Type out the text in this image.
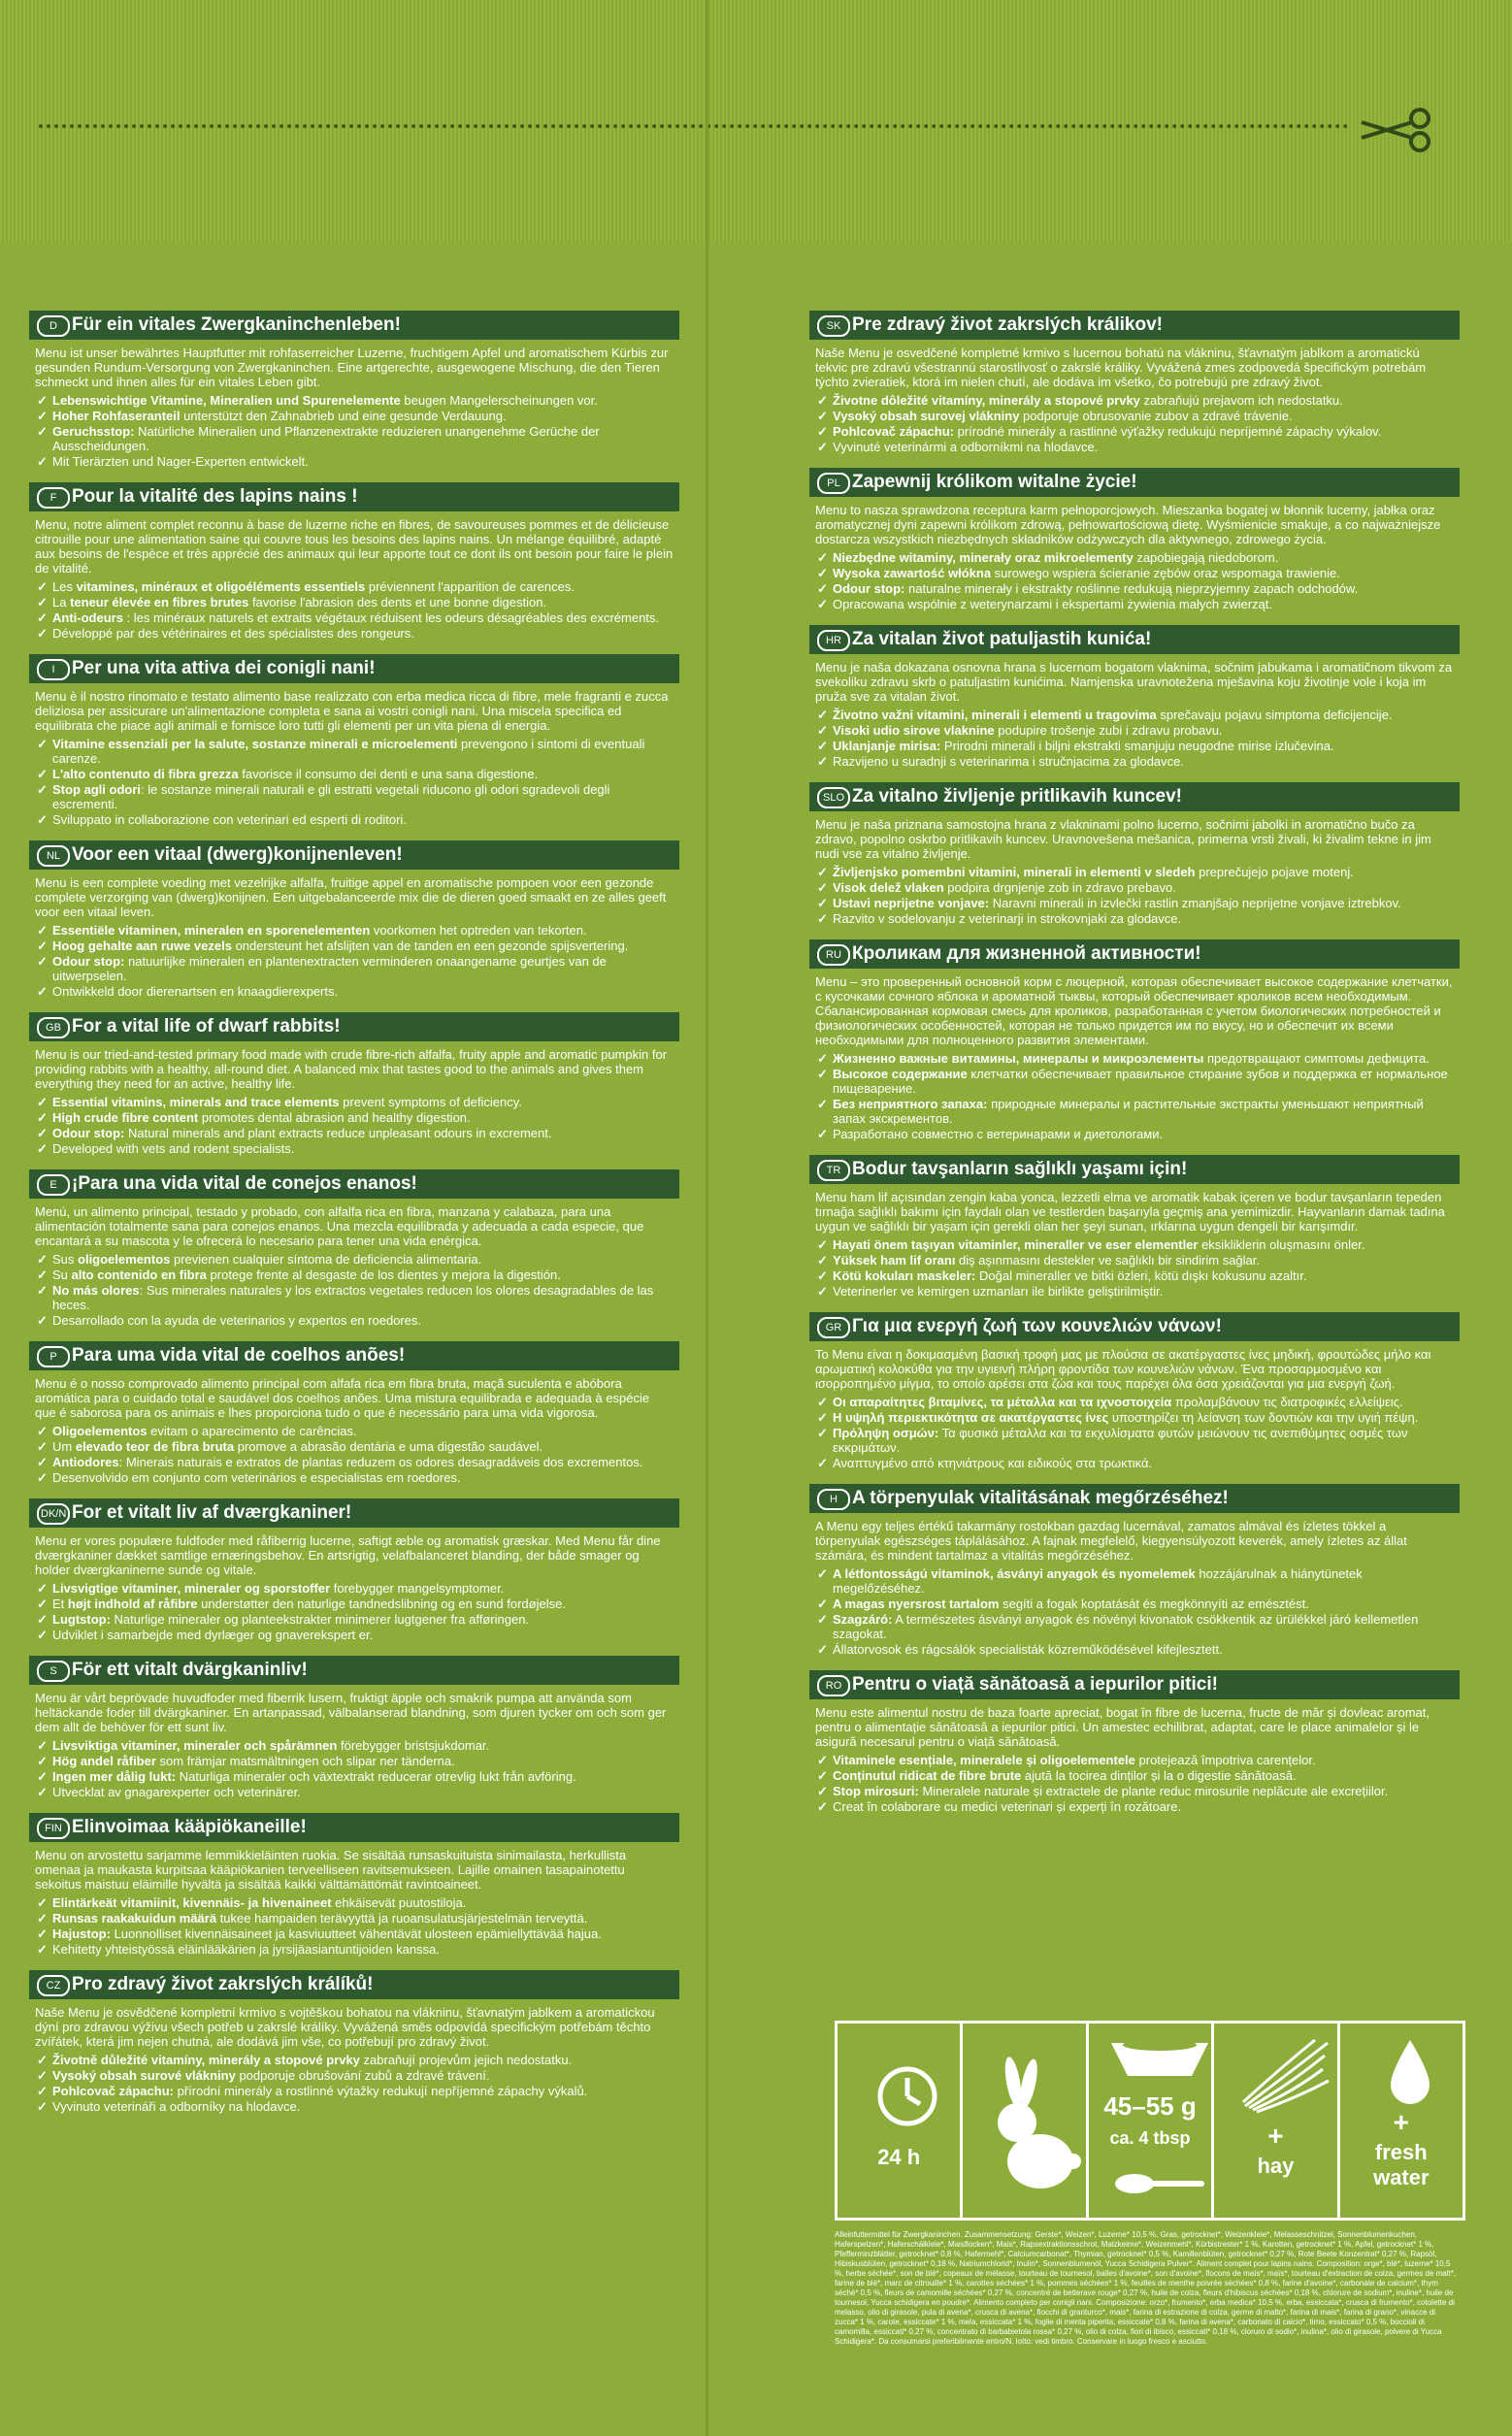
D Für ein vitales Zwergkaninchenleben!

Menu ist unser bewährtes Hauptfutter mit rohfaserreicher Luzerne, fruchtigem Apfel und aromatischem Kürbis zur gesunden Rundum-Versorgung von Zwergkaninchen. Eine artgerechte, ausgewogene Mischung, die den Tieren schmeckt und ihnen alles für ein vitales Leben gibt.

✓ Lebenswichtige Vitamine, Mineralien und Spurenelemente beugen Mangelerscheinungen vor.
✓ Hoher Rohfaseranteil unterstützt den Zahnabrieb und eine gesunde Verdauung.
✓ Geruchsstop: Natürliche Mineralien und Pflanzenextrakte reduzieren unangenehme Gerüche der Ausscheidungen.
✓ Mit Tierärzten und Nager-Experten entwickelt.
F Pour la vitalité des lapins nains !

Menu, notre aliment complet reconnu à base de luzerne riche en fibres, de savoureuses pommes et de délicieuse citrouille pour une alimentation saine qui couvre tous les besoins des lapins nains. Un mélange équilibré, adapté aux besoins de l'espèce et très apprécié des animaux qui leur apporte tout ce dont ils ont besoin pour faire le plein de vitalité.

✓ Les vitamines, minéraux et oligoéléments essentiels préviennent l'apparition de carences.
✓ La teneur élevée en fibres brutes favorise l'abrasion des dents et une bonne digestion.
✓ Anti-odeurs : les minéraux naturels et extraits végétaux réduisent les odeurs désagréables des excréments.
✓ Développé par des vétérinaires et des spécialistes des rongeurs.
I Per una vita attiva dei conigli nani!

Menu è il nostro rinomato e testato alimento base realizzato con erba medica ricca di fibre, mele fragranti e zucca deliziosa per assicurare un'alimentazione completa e sana ai vostri conigli nani. Una miscela specifica ed equilibrata che piace agli animali e fornisce loro tutti gli elementi per un vita piena di energia.

✓ Vitamine essenziali per la salute, sostanze minerali e microelementi prevengono i sintomi di eventuali carenze.
✓ L'alto contenuto di fibra grezza favorisce il consumo dei denti e una sana digestione.
✓ Stop agli odori: le sostanze minerali naturali e gli estratti vegetali riducono gli odori sgradevoli degli escrementi.
✓ Sviluppato in collaborazione con veterinari ed esperti di roditori.
NL Voor een vitaal (dwerg)konijnenleven!

Menu is een complete voeding met vezelrijke alfalfa, fruitige appel en aromatische pompoen voor een gezonde complete verzorging van (dwerg)konijnen. Een uitgebalanceerde mix die de dieren goed smaakt en ze alles geeft voor een vitaal leven.

✓ Essentiële vitaminen, mineralen en sporenelementen voorkomen het optreden van tekorten.
✓ Hoog gehalte aan ruwe vezels ondersteunt het afslijten van de tanden en een gezonde spijsvertering.
✓ Odour stop: natuurlijke mineralen en plantenextracten verminderen onaangename geurtjes van de uitwerpselen.
✓ Ontwikkeld door dierenartsen en knaagdierexperts.
GB For a vital life of dwarf rabbits!

Menu is our tried-and-tested primary food made with crude fibre-rich alfalfa, fruity apple and aromatic pumpkin for providing rabbits with a healthy, all-round diet. A balanced mix that tastes good to the animals and gives them everything they need for an active, healthy life.

✓ Essential vitamins, minerals and trace elements prevent symptoms of deficiency.
✓ High crude fibre content promotes dental abrasion and healthy digestion.
✓ Odour stop: Natural minerals and plant extracts reduce unpleasant odours in excrement.
✓ Developed with vets and rodent specialists.
E ¡Para una vida vital de conejos enanos!

Menú, un alimento principal, testado y probado, con alfalfa rica en fibra, manzana y calabaza, para una alimentación totalmente sana para conejos enanos. Una mezcla equilibrada y adecuada a cada especie, que encantará a su mascota y le ofrecerá lo necesario para tener una vida enérgica.

✓ Sus oligoelementos previenen cualquier síntoma de deficiencia alimentaria.
✓ Su alto contenido en fibra protege frente al desgaste de los dientes y mejora la digestión.
✓ No más olores: Sus minerales naturales y los extractos vegetales reducen los olores desagradables de las heces.
✓ Desarrollado con la ayuda de veterinarios y expertos en roedores.
P Para uma vida vital de coelhos anões!

Menu é o nosso comprovado alimento principal com alfafa rica em fibra bruta, maçã suculenta e abóbora aromática para o cuidado total e saudável dos coelhos anões. Uma mistura equilibrada e adequada à espécie que é saborosa para os animais e lhes proporciona tudo o que é necessário para uma vida vigorosa.

✓ Oligoelementos evitam o aparecimento de carências.
✓ Um elevado teor de fibra bruta promove a abrasão dentária e uma digestão saudável.
✓ Antiodores: Minerais naturais e extratos de plantas reduzem os odores desagradáveis dos excrementos.
✓ Desenvolvido em conjunto com veterinários e especialistas em roedores.
DK/N For et vitalt liv af dværgkaniner!

Menu er vores populære fuldfoder med råfiberrig lucerne, saftigt æble og aromatisk græskar. Med Menu får dine dværgkaniner dækket samtlige ernæringsbehov. En artsrigtig, velafbalanceret blanding, der både smager og holder dværgkaninerne sunde og vitale.

✓ Livsvigtige vitaminer, mineraler og sporstoffer forebygger mangelsymptomer.
✓ Et højt indhold af råfibre understøtter den naturlige tandnedslibning og en sund fordøjelse.
✓ Lugtstop: Naturlige mineraler og planteekstrakter minimerer lugtgener fra afføringen.
✓ Udviklet i samarbejde med dyrlæger og gnaverekspert er.
S För ett vitalt dvärgkaninliv!

Menu är vårt beprövade huvudfoder med fiberrik lusern, fruktigt äpple och smakrik pumpa att använda som heltäckande foder till dvärgkaniner. En artanpassad, välbalanserad blandning, som djuren tycker om och som ger dem allt de behöver för ett sunt liv.

✓ Livsviktiga vitaminer, mineraler och spårämnen förebygger bristsjukdomar.
✓ Hög andel råfiber som främjar matsmältningen och slipar ner tänderna.
✓ Ingen mer dålig lukt: Naturliga mineraler och växtextrakt reducerar otrevlig lukt från avföring.
✓ Utvecklat av gnagarexperter och veterinärer.
FIN Elinvoimaa kääpiökaneille!

Menu on arvostettu sarjamme lemmikkieläinten ruokia. Se sisältää runsaskuituista sinimailasta, herkullista omenaa ja maukasta kurpitsaa kääpiökanien terveelliseen ravitsemukseen. Lajille omainen tasapainotettu sekoitus maistuu eläimille hyvältä ja sisältää kaikki välttämättömät ravintoaineet.

✓ Elintärkeät vitamiinit, kivennäis- ja hivenaineet ehkäisevät puutostiloja.
✓ Runsas raakakuidun määrä tukee hampaiden terävyyttä ja ruoansulatusjärjestelmän terveyttä.
✓ Hajustop: Luonnolliset kivennäisaineet ja kasviuutteet vähentävät ulosteen epämiellyttävää hajua.
✓ Kehitetty yhteistyössä eläinlääkärien ja jyrsijäasiantuntijoiden kanssa.
CZ Pro zdravý život zakrslých králíků!

Naše Menu je osvědčené kompletní krmivo s vojtěškou bohatou na vlákninu, šťavnatým jablkem a aromatickou dýní pro zdravou výživu všech potřeb u zakrslé králíky. Vyvážená směs odpovídá specifickým potřebám těchto zvířátek, která jim nejen chutná, ale dodává jim vše, co potřebují pro zdravý život.

✓ Životně důležité vitamíny, minerály a stopové prvky zabraňují projevům jejich nedostatku.
✓ Vysoký obsah surové vlákniny podporuje obrušování zubů a zdravé trávení.
✓ Pohlcovač zápachu: přírodní minerály a rostlinné výtažky redukují nepříjemné zápachy výkalů.
✓ Vyvinuto veterináři a odborníky na hlodavce.
SK Pre zdravý život zakrslých králikov!

Naše Menu je osvedčené kompletné krmivo s lucernou bohatú na vlákninu, šťavnatým jablkom a aromatickú tekvic pre zdravú všestrannú starostlivosť o zakrslé králiky. Vyvážená zmes zodpovedá špecifickým potrebám týchto zvieratiek, ktorá im nielen chutí, ale dodáva im všetko, čo potrebujú pre zdravý život.

✓ Životne dôležité vitamíny, minerály a stopové prvky zabraňujú prejavom ich nedostatku.
✓ Vysoký obsah surovej vlákniny podporuje obrusovanie zubov a zdravé trávenie.
✓ Pohlcovač zápachu: prírodné minerály a rastlinné výťažky redukujú nepríjemné zápachy výkalov.
✓ Vyvinuté veterinármi a odborníkmi na hlodavce.
PL Zapewnij królikom witalne życie!

Menu to nasza sprawdzona receptura karm pełnoporcjowych. Mieszanka bogatej w błonnik lucerny, jabłka oraz aromatycznej dyni zapewni królikom zdrową, pełnowartościową dietę. Wyśmienicie smakuje, a co najważniejsze dostarcza wszystkich niezbędnych składników odżywczych dla aktywnego, zdrowego życia.

✓ Niezbędne witaminy, minerały oraz mikroelementy zapobiegają niedoborom.
✓ Wysoka zawartość włókna surowego wspiera ścieranie zębów oraz wspomaga trawienie.
✓ Odour stop: naturalne minerały i ekstrakty roślinne redukują nieprzyjemny zapach odchodów.
✓ Opracowana wspólnie z weterynarzami i ekspertami żywienia małych zwierząt.
HR Za vitalan život patuljastih kunića!

Menu je naša dokazana osnovna hrana s lucernom bogatom vlaknima, sočnim jabukama i aromatičnom tikvom za svekoliku zdravu skrb o patuljastim kunićima. Namjenska uravnotežena mješavina koju životinje vole i koja im pruža sve za vitalan život.

✓ Životno važni vitamini, minerali i elementi u tragovima sprečavaju pojavu simptoma deficijencije.
✓ Visoki udio sirove vlaknine podupire trošenje zubi i zdravu probavu.
✓ Uklanjanje mirisa: Prirodni minerali i biljni ekstrakti smanjuju neugodne mirise izlučevina.
✓ Razvijeno u suradnji s veterinarima i stručnjacima za glodavce.
SLO Za vitalno življenje pritlikavih kuncev!

Menu je naša priznana samostojna hrana z vlakninami polno lucerno, sočnimi jabolki in aromatično bučo za zdravo, popolno oskrbo pritlikavih kuncev. Uravnovešena mešanica, primerna vrsti živali, ki živalim tekne in jim nudi vse za vitalno življenje.

✓ Življenjsko pomembni vitamini, minerali in elementi v sledeh preprečujejo pojave motenj.
✓ Visok delež vlaken podpira drgnjenje zob in zdravo prebavo.
✓ Ustavi neprijetne vonjave: Naravni minerali in izvlečki rastlin zmanjšajo neprijetne vonjave iztrebkov.
✓ Razvito v sodelovanju z veterinarji in strokovnjaki za glodavce.
RU Кроликам для жизненной активности!

Menu – это проверенный основной корм с люцерной, которая обеспечивает высокое содержание клетчатки, с кусочками сочного яблока и ароматной тыквы, который обеспечивает кроликов всем необходимым. Сбалансированная кормовая смесь для кроликов, разработанная с учетом биологических потребностей и физиологических особенностей, которая не только придется им по вкусу, но и обеспечит их всеми необходимыми для полноценного развития элементами.

✓ Жизненно важные витамины, минералы и микроэлементы предотвращают симптомы дефицита.
✓ Высокое содержание клетчатки обеспечивает правильное стирание зубов и поддержка ет нормальное пищеварение.
✓ Без неприятного запаха: природные минералы и растительные экстракты уменьшают неприятный запах экскрементов.
✓ Разработано совместно с ветеринарами и диетологами.
TR Bodur tavşanların sağlıklı yaşamı için!

Menu ham lif açısından zengin kaba yonca, lezzetli elma ve aromatik kabak içeren ve bodur tavşanların tepeden tırnağa sağlıklı bakımı için faydalı olan ve testlerden başarıyla geçmiş ana yemimizdir. Hayvanların damak tadına uygun ve sağlıklı bir yaşam için gerekli olan her şeyi sunan, ırklarına uygun dengeli bir karışımdır.

✓ Hayati önem taşıyan vitaminler, mineraller ve eser elementler eksikliklerin oluşmasını önler.
✓ Yüksek ham lif oranı diş aşınmasını destekler ve sağlıklı bir sindirim sağlar.
✓ Kötü kokuları maskeler: Doğal mineraller ve bitki özleri, kötü dışkı kokusunu azaltır.
✓ Veterinerler ve kemirgen uzmanları ile birlikte geliştirilmiştir.
GR Για μια ενεργή ζωή των κουνελιών νάνων!

Το Menu είναι η δοκιμασμένη βασική τροφή μας με πλούσια σε ακατέργαστες ίνες μηδική, φρουτώδες μήλο και αρωματική κολοκύθα για την υγιεινή πλήρη φροντίδα των κουνελιών νάνων. Ένα προσαρμοσμένο και ισορροπημένο μίγμα, το οποίο αρέσει στα ζώα και τους παρέχει όλα όσα χρειάζονται για μια ενεργή ζωή.

✓ Οι απαραίτητες βιταμίνες, τα μέταλλα και τα ιχνοστοιχεία προλαμβάνουν τις διατροφικές ελλείψεις.
✓ Η υψηλή περιεκτικότητα σε ακατέργαστες ίνες υποστηρίζει τη λείανση των δοντιών και την υγιή πέψη.
✓ Πρόληψη οσμών: Τα φυσικά μέταλλα και τα εκχυλίσματα φυτών μειώνουν τις ανεπιθύμητες οσμές των εκκριμάτων.
✓ Αναπτυγμένο από κτηνιάτρους και ειδικούς στα τρωκτικά.
H A törpenyulak vitalitásának megőrzéséhez!

A Menu egy teljes értékű takarmány rostokban gazdag lucernával, zamatos almával és ízletes tökkel a törpenyulak egészséges táplálásához. A fajnak megfelelő, kiegyensúlyozott keverék, amely ízletes az állat számára, és mindent tartalmaz a vitalitás megőrzéséhez.

✓ A létfontosságú vitaminok, ásványi anyagok és nyomelemek hozzájárulnak a hiánytünetek megelőzéséhez.
✓ A magas nyersrost tartalom segíti a fogak koptatását és megkönnyíti az emésztést.
✓ Szagzáró: A természetes ásványi anyagok és növényi kivonatok csökkentik az ürülékkel járó kellemetlen szagokat.
✓ Állatorvosok és rágcsálók specialisták közreműködésével kifejlesztett.
RO Pentru o viață sănătoasă a iepurilor pitici!

Menu este alimentul nostru de baza foarte apreciat, bogat în fibre de lucerna, fructe de măr și dovleac aromat, pentru o alimentație sănătoasă a iepurilor pitici. Un amestec echilibrat, adaptat, care le place animalelor și le asigură necesarul pentru o viață sănătoasă.

✓ Vitaminele esențiale, mineralele și oligoelementele protejează împotriva carențelor.
✓ Conținutul ridicat de fibre brute ajută la tocirea dinților și la o digestie sănătoasă.
✓ Stop mirosuri: Mineralele naturale și extractele de plante reduc mirosurile neplăcute ale excrețiilor.
✓ Creat în colaborare cu medici veterinari și experți în rozătoare.
24 h
45–55 g
ca. 4 tbsp	+
hay
+
fresh
water
Alleinfuttermittel für Zwergkaninchen. Zusammensetzung: Gerste*, Weizen*, Luzerne* 10,5 %, Gras, getrocknet*, Weizenkleie*, Melasseschnitzel, Sonnenblumenkuchen, Haferspelzen*, Haferschälkleie*, Maisflocken*, Mais*, Rapsextraktionsschrot, Malzkeime*, Weizenmehl*, Kürbistrester* 1 %, Karotten, getrocknet* 1 %, Apfel, getrocknet* 1 %, Pfefferminzblätter, getrocknet* 0,8 %, Hafermehl*, Calciumcarbonat*, Thymian, getrocknet* 0,5 %, Kamillenblüten, getrocknet* 0,27 %, Rote Beete Konzentrat* 0,27 %, Rapsöl, Hibiskusblüten, getrocknet* 0,18 %, Natriumchlorid*, Inulin*, Sonnenblumenöl, Yucca Schidigera Pulver*. Aliment complet pour lapins nains. Composition: orge*, blé*, luzerne* 10,5 %, herbe séchée*, son de blé*, copeaux de mélasse, tourteau de tournesol, balles d'avoine*, son d'avoine*, flocons de maïs*, maïs*, tourteau d'extraction de colza, germes de malt*, farine de blé*, marc de citrouille* 1 %, carottes séchées* 1 %, pommes séchées* 1 %, feuilles de menthe poivrée séchées* 0,8 %, farine d'avoine*, carbonate de calcium*, thym séché* 0,5 %, fleurs de camomille séchées* 0,27 %, concentré de betterave rouge* 0,27 %, huile de colza, fleurs d'hibiscus séchées* 0,18 %, chlorure de sodium*, inuline*, huile de tournesol, Yucca schidigera en poudre*. Alimento completo per conigli nani. Composizione: orzo*, frumento*, erba medica* 10,5 %, erba, essiccata*, crusca di frumento*, cotolette di melasso, olio di girasole, pula di avena*, crusca di avena*, fiocchi di granturco*, mais*, farina di estrazione di colza, germe di malto*, farina di mais*, farina di grano*, vinacce di zucca* 1 %, carote, essiccate* 1 %, mela, essiccata* 1 %, foglie di menta piperita, essiccate* 0,8 %, farina di avena*, carbonato di calcio*, timo, essiccato* 0,5 %, boccioli di camomilla, essiccati* 0,27 %, concentrato di barbabietola rossa* 0,27 %, olio di colza, fiori di ibisco, essiccati* 0,18 %, cloruro di sodio*, inulina*, olio di girasole, polvere di Yucca Schidigera*. Da consumarsi preferibilmente entro/N. lotto: vedi timbro. Conservare in luogo fresco e asciutto.
